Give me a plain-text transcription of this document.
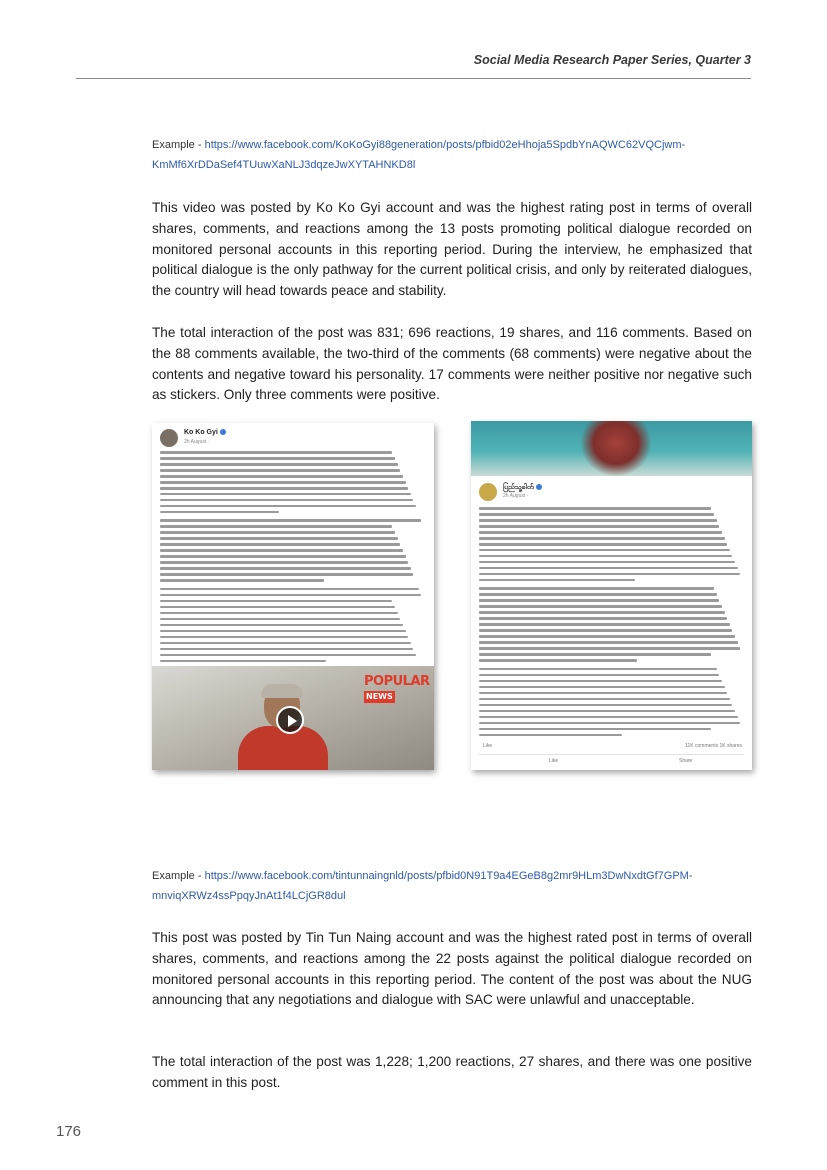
Social Media Research Paper Series, Quarter 3
Example - https://www.facebook.com/KoKoGyi88generation/posts/pfbid02eHhoja5SpdbYnAQWC62VQCjwm-
KmMf6XrDDaSef4TUuwXaNLJ3dqzeJwXYTAHNKD8l

This video was posted by Ko Ko Gyi account and was the highest rating post in terms of overall shares, comments, and reactions among the 13 posts promoting political dialogue recorded on monitored personal accounts in this reporting period. During the interview, he emphasized that political dialogue is the only pathway for the current political crisis, and only by reiterated dialogues, the country will head towards peace and stability.

The total interaction of the post was 831; 696 reactions, 19 shares, and 116 comments. Based on the 88 comments available, the two-third of the comments (68 comments) were negative about the contents and negative toward his personality. 17 comments were neither positive nor negative such as stickers. Only three comments were positive.

Ko Ko Gyi
2h August ·
POPULAR
NEWS
ပြည်သူ့ခါတ်
2h August ·
Like	11K comments 1K shares
Like	Share
Example - https://www.facebook.com/tintunnaingnld/posts/pfbid0N91T9a4EGeB8g2mr9HLm3DwNxdtGf7GPM-
mnviqXRWz4ssPpqyJnAt1f4LCjGR8dul

This post was posted by Tin Tun Naing account and was the highest rated post in terms of overall shares, comments, and reactions among the 22 posts against the political dialogue recorded on monitored personal accounts in this reporting period. The content of the post was about the NUG announcing that any negotiations and dialogue with SAC were unlawful and unacceptable.

The total interaction of the post was 1,228; 1,200 reactions, 27 shares, and there was one positive comment in this post.

176
